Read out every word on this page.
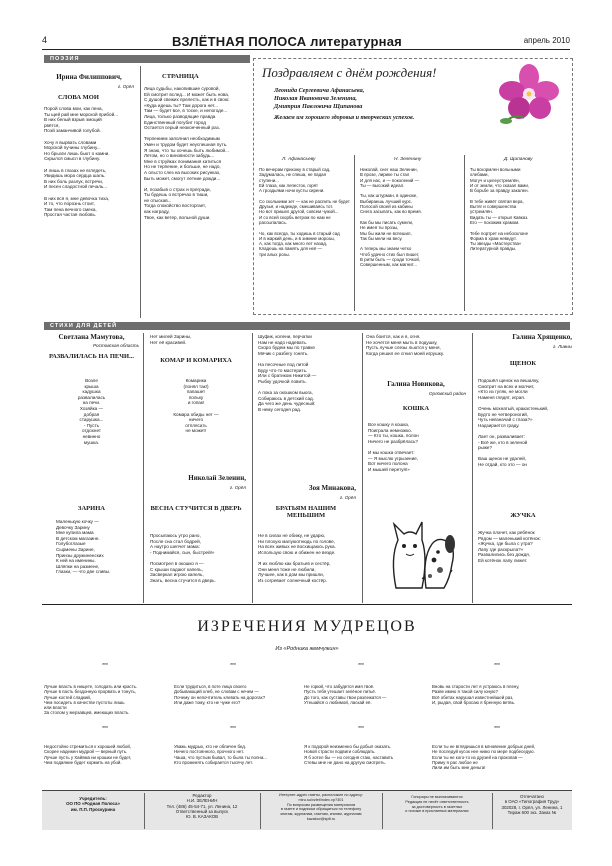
4	ВЗЛЁТНАЯ ПОЛОСА литературная	апрель 2010
ПОЭЗИЯ
Ирина Филиппович,
г. Орёл
СЛОВА МОИ
Порой слова мои, как пена,
Ты щей рай мне морской прибой...
В них белый взрыв эмоций
рвётся,
Поэй заманчивой голубой.

Хочу я вырвать словами
Морской пучины глубину...
Но брызги лишь бьют о камни.
Скрылся смысл в глубину.

И лишь в глазах не вглядеть,
Увидишь мора сердца шаль.
В них боль разлук, встречи,
И песен сладостной печаль...

В них вся я, мне девочка тиха,
И то, что порознь стоит,
Там пена вечного смеха,
Простая частая любовь.
СТРАНИЦА
Лица судьбы, накопившие суровой,
Ей смотрит вслед... И может быть нова,
С душой свежих прелесть, как и в свою:
«Куда идешь ты? Там дорога нет...
Там — будет все, в тоске, и непогоде...
Лица, только разводящие правда
Единственный погубит город
Остается серый неоконченный раз.

Терпением заполнил необходимым
Умен и трудом будет неуспешная путь.
Я знаю, что ты хочешь быть любимой...
Летом, но о виновности забудь...
Мне в струйках понимания катиться
Но не терпение, и больше, не надо,
А ольсто слез на высоких рисунках,
Быть может, смогут летние дожди...

И, позабыв о страх и прегради,
Ты будешь о встречах в тиши,
не отыскав...
Тогда спокойство восторгает,
как награду,
Твое, как ветер, вольной души.
Поздравляем с днём рождения!
Леонида Сергеевича Афанасьева,
Николая Ивановича Зеленина,
Дмитрия Павловича Щипанова
Желаем им хорошего здоровья и творческих успехов.
Л. Афанасьеву
По вечерам прихожу в старый сад,
Задумалась, не спеша, не падая
ступени...
Ей глаза, как лепесток, горят
А гроздьями ночи кусты сирени.

Со сколькими зет — как не распить не будет
Друзья, и надежде, смешиваясь тот.
Но вот пришел другой, совсем чужой...
И со всей скорбь ветром по нам не рассыпалась.

Чо, как всегда, ты ходишь в старый сад
И в жаркий день, и в зимние морозы,
А, как тогда, как много лет назад,
Кладешь на память для неё —
три алых розы.
Н. Зеленину
Николай, снег наш Зеленин,
В прозе, лирике ты стал
И для нас, и — поколений —
Ты — высокий идеал.

Ты, как штурман, в одиноке,
Выбираешь лучший курс.
Полосой своей из кабины
Снега засыпать, как во время.

Как бы мы писать сумели,
Не имея ты прозы,
Мы бы жили не вспешил,
Так бы мели на весу.

А теперь мы знаем четко
Чтоб удачно стих был пишет,
В ритм быть — сроди точкой,
Совершенным, как магнит...
Д. Щипанову
Ты вскормлен вольными
хлебами,
Могуч и целеустремлён,
И от земли, что сказал вами,
В борьбе за правду закален.

В тебе живёт святая вера,
Вытяг и совершенства
устремлён.
Видать ты — открыл Кавказ.
Его — похожим храмом.

Тебе портрет на небосклоне
Форма в храм неведут.
Ты звезды «Мастерства»
Литературной правды.
СТИХИ ДЛЯ ДЕТЕЙ
Светлана Мамутова,
Ростовская область
РАЗВАЛИЛАСЬ НА ПЕЧИ...
Возле
крыша
кадушка
развалилась
на печи.
Хозяйка —
добрая
старушка...
- Пусть
отдохнет
невинно
мушка.
ЗАРИНА
Маленькую кочку —
Девочку Зарину
Мне купила мама
В детском магазине.
Голубоглазые
Сырмены Зарине,
Принзы дружиненских
К ней на именины.
Шляпки на размене,
Глазки, — что две сливы.
Нет милей Зарины,
Нет её красивей.
КОМАР И КОМАРИХА
Комарика
(понял так!)
папашет
польку
и гопак!

Комара обиды нет —
ничего
отплясать
не может!
Николай Зеленин,
г. Орёл
ВЕСНА СТУЧИТСЯ В ДВЕРЬ
Просыпаюсь утро рано,
После сна стал бодрей,
А наутро шепчет мама:
- Поднимайся, сын, быстрей!»

Посмотрел в окошко я —
С крыши падают капель,
Засверкал игрою капель,
Знать, весна стучится в дверь.
Шуфик, колени, перчатки
Нам не надо надевать.
Скоро будем мы по травке
Мячик с разбегу гонять.

На песочные под литой
Буду что-то мастерить.
Или с братиком Никитой —
Рыбку удочкой ловить.

А пока за окошком вьюга,
Собираюсь в детский сад.
Да чего же день чудесный:
В нему сегодня рад.
Зоя Минакова,
г. Орёл
БРАТЬЯМ НАШИМ МЕНЬШИМ
Не в силах не обижу, не ударю,
Ни плохую малуюотнюдь по голове,
На всех живых не восхищаюсь рука.
Использую свою и обижен не везде.

Я их люблю как братьев и сестёр,
Они меня тоже не любили,
Лучшее, как в дом мы пришли,
Из согревает солнечный костёр.
Она боится, как и я, огня.
Не хочется меня мыть в подушку,
Пусть лучше слезы льются у меня,
Когда решил ее сгнил моей игрушку.
Галина Новикова,
Орловский район
КОШКА
Все кошку я кошка,
Поиграла немножко.
— Кто ты, кошка, полон
Ничего не разбрёлась?

И мы кошка отвечает:
— Я мыслю угрызение,
Вот ничего полона
И мышей перетуя!»
Галина Хрященко,
г. Ливны
ЩЕНОК
Подошёл щенок на вешалку,
Смотрит на всех и молчит,
«Кто из гуляк, не могли
Наменя глядят, играя.

Очень мохнатый, кракастенький,
Будто не четвероногий,
Чуть невзначай с глаза?»
Надзирается граду.

Лает он, разваливает:
- Всё же, кто в зеленой
рыже?

Ваш щенок не удалей,
Не отдай, кто это — он
ЖУЧКА
Жучка плачет, как ребёнок
Рядом — маленький котёнок:
«Жучка, где была с утра?
Лапу где раскрыла?»
Развалились без дождя,
Ей котёнок лапу лижет.
ИЗРЕЧЕНИЯ МУДРЕЦОВ
Из «Родника жемчужин»
***	***	***	***
Лучше власть в нищете, голодать или красть.
Лучше в пасть бездонную прорвать и тонуть,
Лучше костей сладкий,
Чем посидеть в качестве пустоты лишь
или власти
За столом у мерзавцев, имеющих власть.
Если трудиться, в поте лица своего
Добывающий хлеб, не словам с нечем —
Почему он непочтитель клевать на дорогах?
Или даже тому, кто не чуже его?
Не горюй, что забудется имя твоё.
Пусть тебя утешает зелёное питьё.
До того, как суставы твои разлежатся —
Утешайся о любимой, ласкай её.
Вновь на старости лет я устраюсь в плену,
Разве имею я такой силу юную?
Всё обетах нарушал известнейшей раз,
И, рыдая, свой бросаю я бренную ветвь.
***	***	***	***
Недостойно стремиться к хорошей любой,
Скорее надежен мудрой — верный путь.
Лучше пусть у Хайяма ни крошки не будет,
Чем подаяние будет кормить на убой.
Уважь мудрых, кто не обличен бед.
Ничего постоянного, прочного нет.
Чаша, что пустым бывал, то была ты полна...
Кто променять собирается тысячу лет.
Я к подорой неизменно бы добыл оказать.
Новой страсти подвиги соблюдать.
Я б хотел бы — но сегодня стаю, наставить
Стевы мне не дано на другую смотреть.
Если ты не вглядишься в мгновение добрых дней,
Не последуй кусок нее нимо по мере подбеседую.
Если ты не кого-то из друзей на прокопав —
Приму я рас любое не
Лили им быть мне деньга!
Учредитель:
ОО ПО «Родная Полоса»
им. П.П. Проскурина
Редактор
Н.И. ЗЕЛЕНИН
Тел. (486) 45-54-71, ул. Ленина, 12
Ответственный за выпуск
Ю. В. КАЗАКОВ
Интернет-адрес газеты, расположен по адресу:
miru.su/vzlet/index.vp?301
По вопросам размещения материалов
в газете и подписки обращаться по телефону
книгам, журналам, газетам, книгам, журналам
kazakov@sptt.ru
Гонорары не выплачиваются
Редакция не несёт ответственность
за достоверность в газетных
и похоже в присланных материалах
Отпечатано
в ОАО «Типография Труд»
302028, г. Орёл, ул. Ленина, 1
Тираж 600 экз. Заказ №
